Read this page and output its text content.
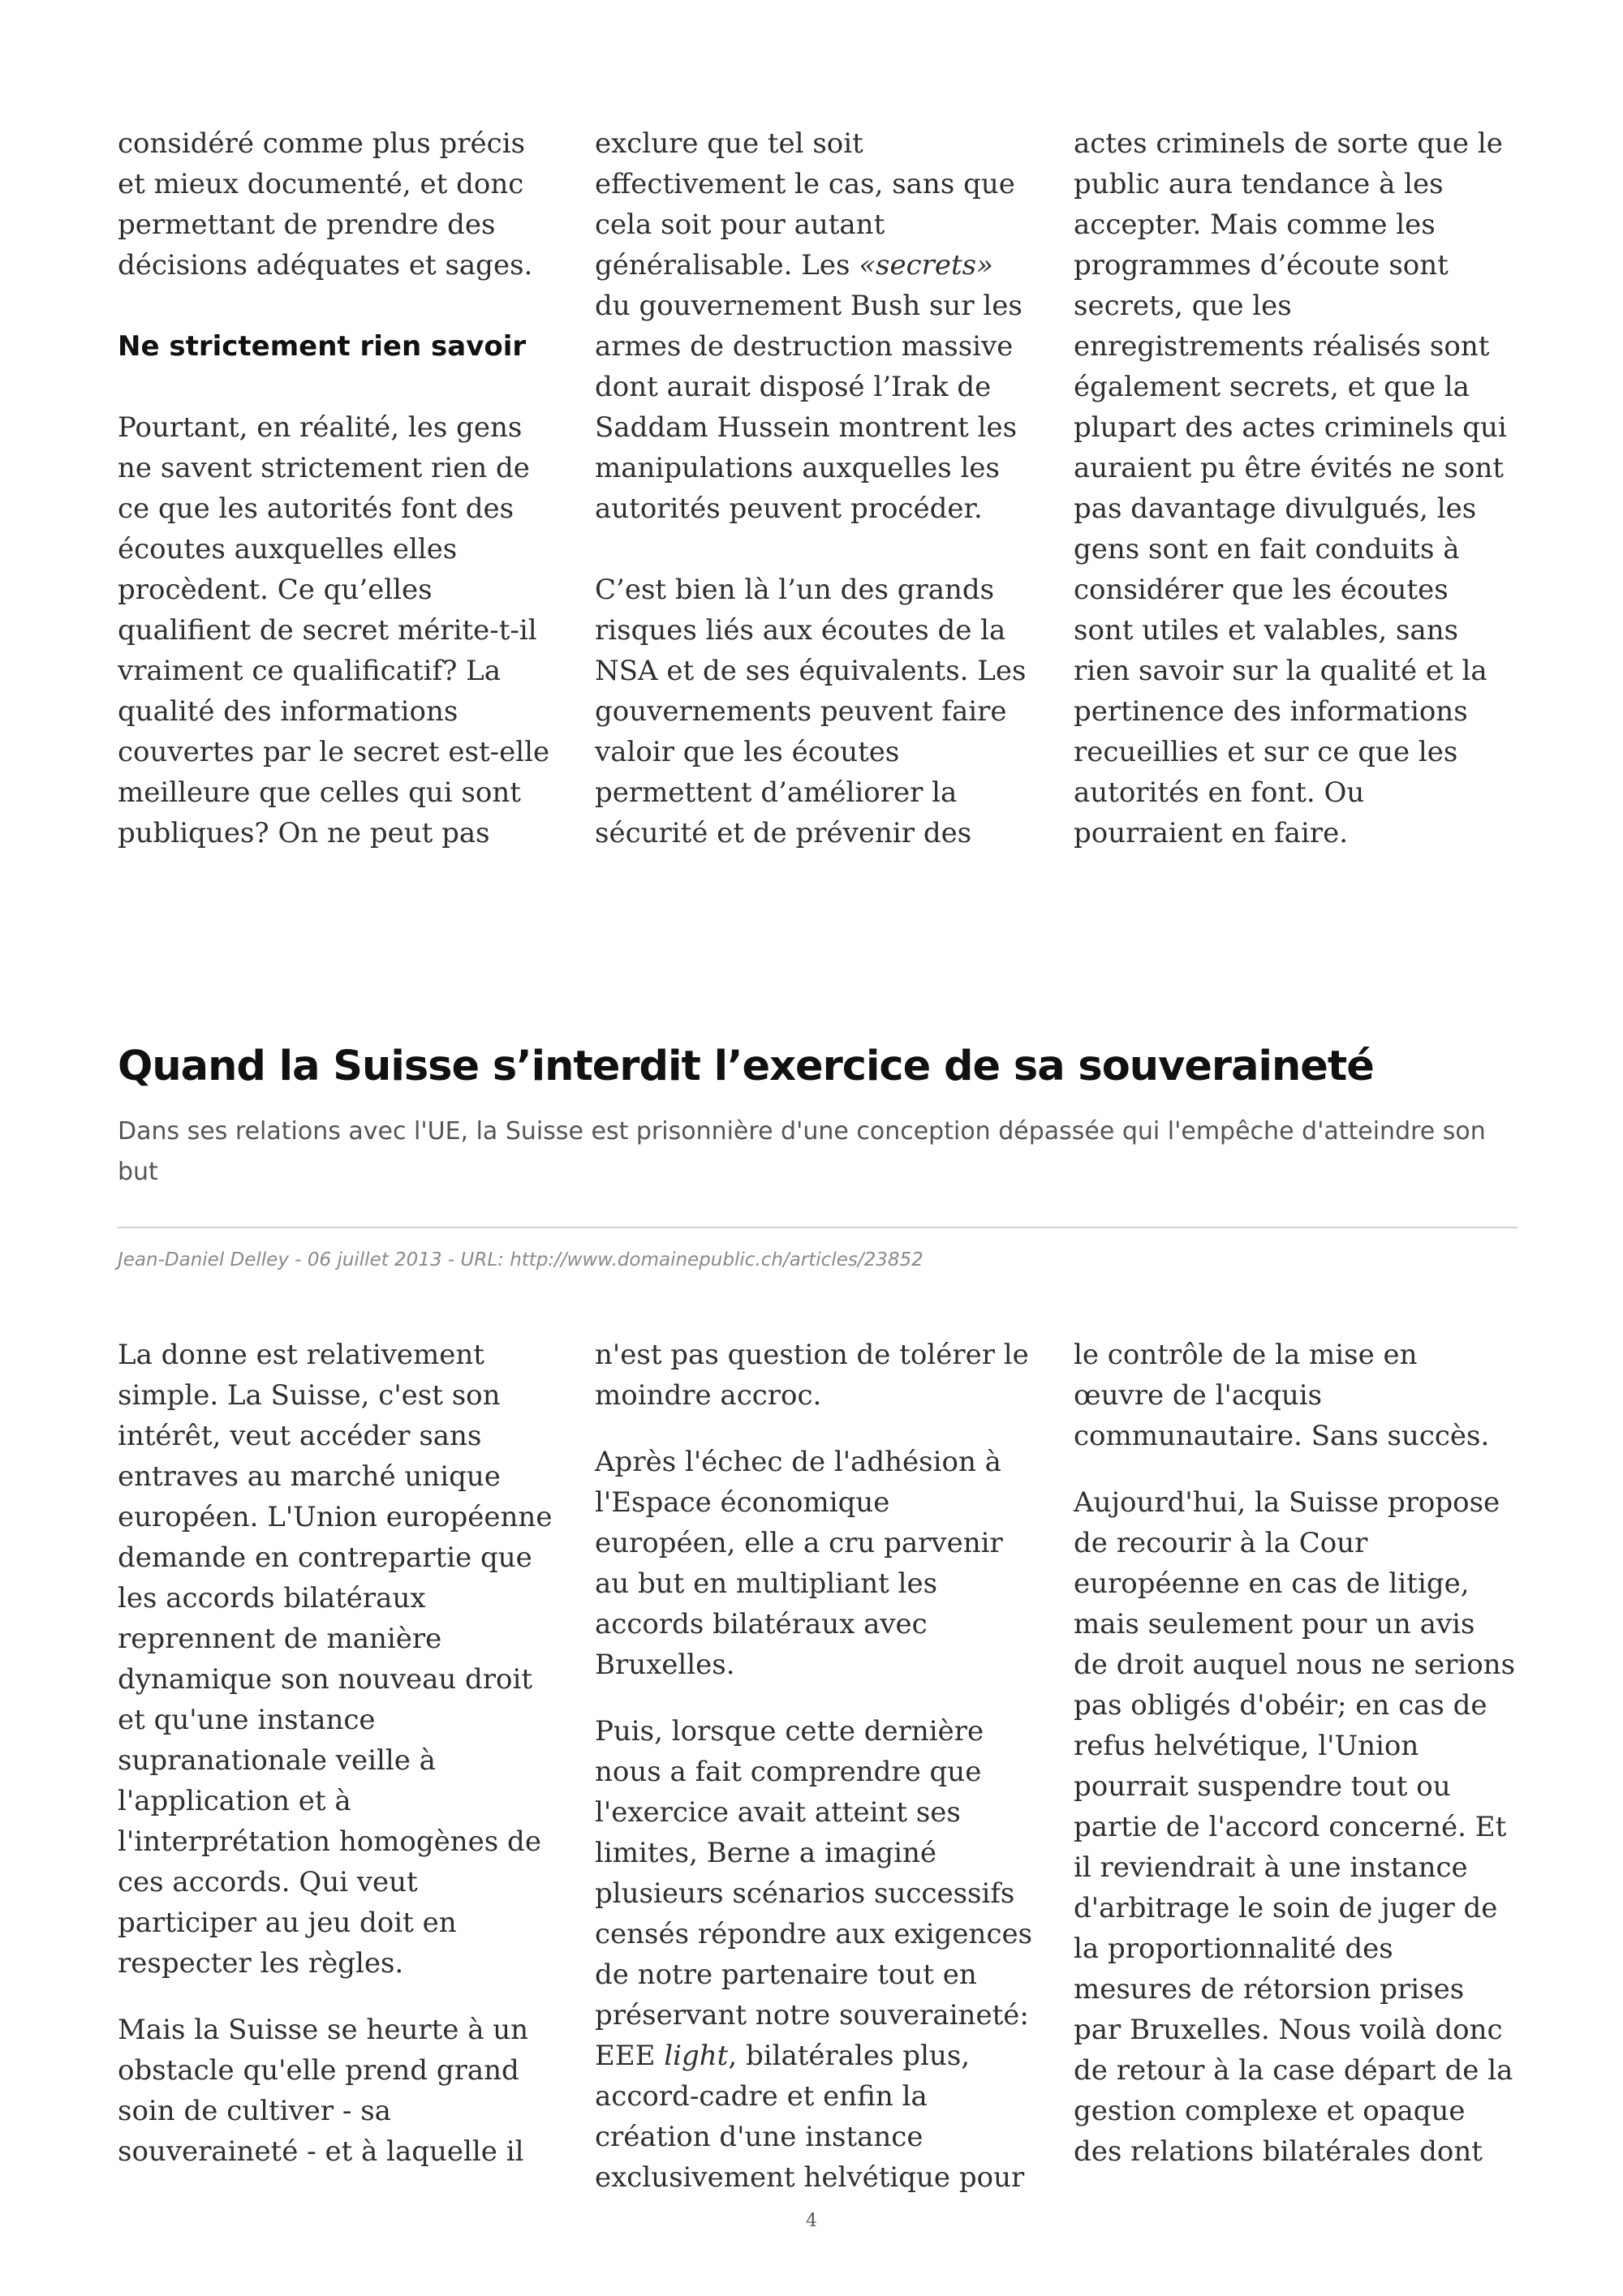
considéré comme plus précis et mieux documenté, et donc permettant de prendre des décisions adéquates et sages.

Ne strictement rien savoir

Pourtant, en réalité, les gens ne savent strictement rien de ce que les autorités font des écoutes auxquelles elles procèdent. Ce qu’elles qualifient de secret mérite-t-il vraiment ce qualificatif? La qualité des informations couvertes par le secret est-elle meilleure que celles qui sont publiques? On ne peut pas

exclure que tel soit effectivement le cas, sans que cela soit pour autant généralisable. Les «secrets» du gouvernement Bush sur les armes de destruction massive dont aurait disposé l’Irak de Saddam Hussein montrent les manipulations auxquelles les autorités peuvent procéder.

C’est bien là l’un des grands risques liés aux écoutes de la NSA et de ses équivalents. Les gouvernements peuvent faire valoir que les écoutes permettent d’améliorer la sécurité et de prévenir des

actes criminels de sorte que le public aura tendance à les accepter. Mais comme les programmes d’écoute sont secrets, que les enregistrements réalisés sont également secrets, et que la plupart des actes criminels qui auraient pu être évités ne sont pas davantage divulgués, les gens sont en fait conduits à considérer que les écoutes sont utiles et valables, sans rien savoir sur la qualité et la pertinence des informations recueillies et sur ce que les autorités en font. Ou pourraient en faire.

Quand la Suisse s’interdit l’exercice de sa souveraineté

Dans ses relations avec l'UE, la Suisse est prisonnière d'une conception dépassée qui l'empêche d'atteindre son but

Jean-Daniel Delley - 06 juillet 2013 - URL: http://www.domainepublic.ch/articles/23852

La donne est relativement simple. La Suisse, c'est son intérêt, veut accéder sans entraves au marché unique européen. L'Union européenne demande en contrepartie que les accords bilatéraux reprennent de manière dynamique son nouveau droit et qu'une instance supranationale veille à l'application et à l'interprétation homogènes de ces accords. Qui veut participer au jeu doit en respecter les règles.

Mais la Suisse se heurte à un obstacle qu'elle prend grand soin de cultiver - sa souveraineté - et à laquelle il

n'est pas question de tolérer le moindre accroc.

Après l'échec de l'adhésion à l'Espace économique européen, elle a cru parvenir au but en multipliant les accords bilatéraux avec Bruxelles.

Puis, lorsque cette dernière nous a fait comprendre que l'exercice avait atteint ses limites, Berne a imaginé plusieurs scénarios successifs censés répondre aux exigences de notre partenaire tout en préservant notre souveraineté: EEE light, bilatérales plus, accord-cadre et enfin la création d'une instance exclusivement helvétique pour

le contrôle de la mise en œuvre de l'acquis communautaire. Sans succès.

Aujourd'hui, la Suisse propose de recourir à la Cour européenne en cas de litige, mais seulement pour un avis de droit auquel nous ne serions pas obligés d'obéir; en cas de refus helvétique, l'Union pourrait suspendre tout ou partie de l'accord concerné. Et il reviendrait à une instance d'arbitrage le soin de juger de la proportionnalité des mesures de rétorsion prises par Bruxelles. Nous voilà donc de retour à la case départ de la gestion complexe et opaque des relations bilatérales dont

4
